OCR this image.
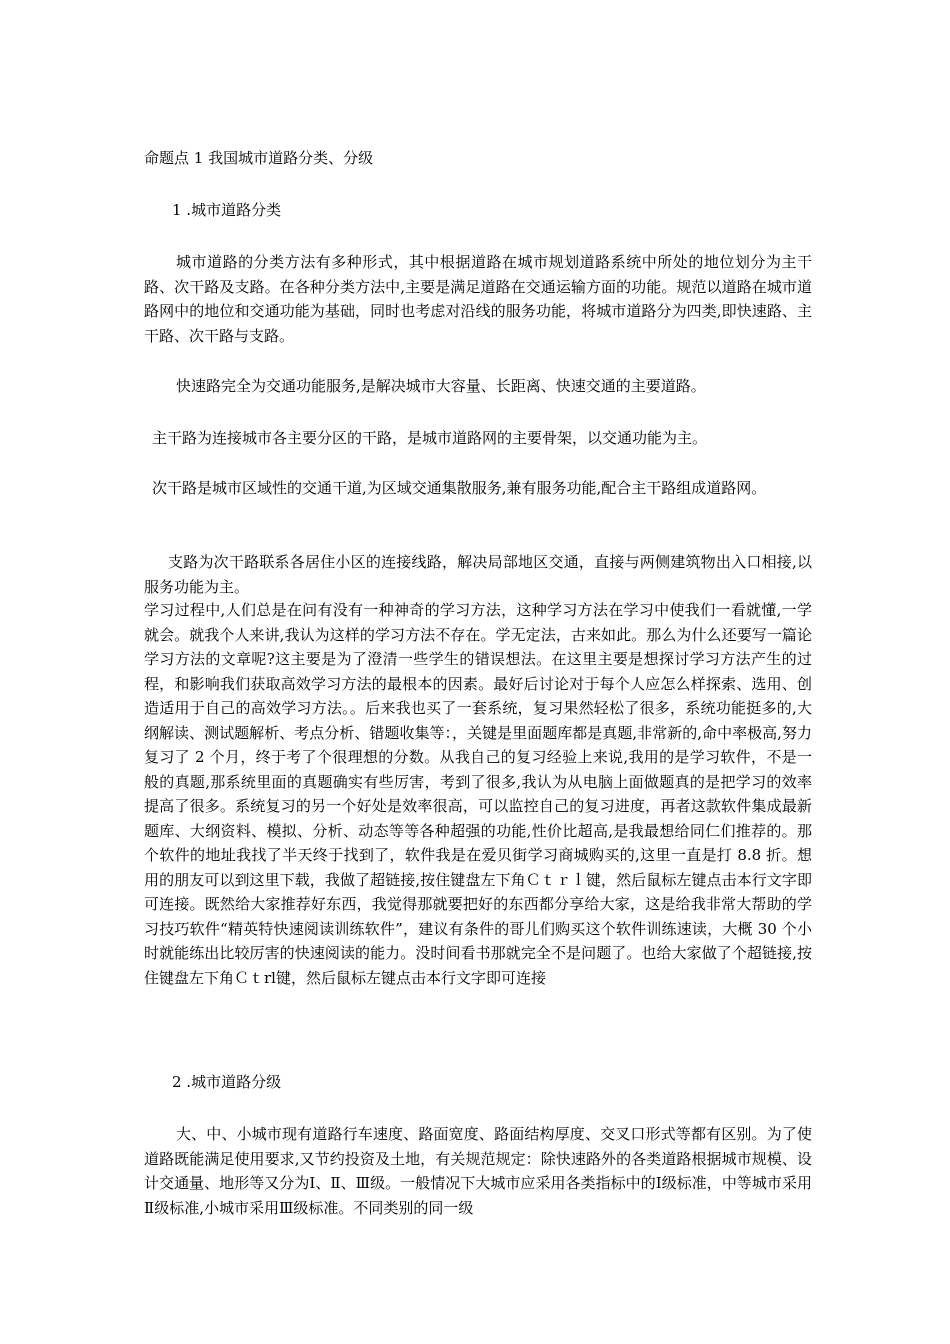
命题点 1 我国城市道路分类、分级

1 .城市道路分类

城市道路的分类方法有多种形式，其中根据道路在城市规划道路系统中所处的地位划分为主干路、次干路及支路。在各种分类方法中,主要是满足道路在交通运输方面的功能。规范以道路在城市道路网中的地位和交通功能为基础，同时也考虑对沿线的服务功能，将城市道路分为四类,即快速路、主干路、次干路与支路。

快速路完全为交通功能服务,是解决城市大容量、长距离、快速交通的主要道路。

主干路为连接城市各主要分区的干路，是城市道路网的主要骨架，以交通功能为主。

次干路是城市区域性的交通干道,为区域交通集散服务,兼有服务功能,配合主干路组成道路网。

支路为次干路联系各居住小区的连接线路，解决局部地区交通，直接与两侧建筑物出入口相接,以服务功能为主。

学习过程中,人们总是在问有没有一种神奇的学习方法，这种学习方法在学习中使我们一看就懂,一学就会。就我个人来讲,我认为这样的学习方法不存在。学无定法，古来如此。那么为什么还要写一篇论学习方法的文章呢?这主要是为了澄清一些学生的错误想法。在这里主要是想探讨学习方法产生的过程，和影响我们获取高效学习方法的最根本的因素。最好后讨论对于每个人应怎么样探索、选用、创造适用于自己的高效学习方法。。后来我也买了一套系统，复习果然轻松了很多，系统功能挺多的,大纲解读、测试题解析、考点分析、错题收集等：，关键是里面题库都是真题,非常新的,命中率极高,努力复习了 2 个月，终于考了个很理想的分数。从我自己的复习经验上来说,我用的是学习软件，不是一般的真题,那系统里面的真题确实有些厉害，考到了很多,我认为从电脑上面做题真的是把学习的效率提高了很多。系统复习的另一个好处是效率很高，可以监控自己的复习进度，再者这款软件集成最新题库、大纲资料、模拟、分析、动态等等各种超强的功能,性价比超高,是我最想给同仁们推荐的。那个软件的地址我找了半天终于找到了，软件我是在爱贝街学习商城购买的,这里一直是打 8.8 折。想用的朋友可以到这里下载，我做了超链接,按住键盘左下角Ｃｔｒｌ键，然后鼠标左键点击本行文字即可连接。既然给大家推荐好东西，我觉得那就要把好的东西都分享给大家，这是给我非常大帮助的学习技巧软件“精英特快速阅读训练软件”，建议有条件的哥儿们购买这个软件训练速读，大概 30 个小时就能练出比较厉害的快速阅读的能力。没时间看书那就完全不是问题了。也给大家做了个超链接,按住键盘左下角Ｃｔrl键，然后鼠标左键点击本行文字即可连接

2 .城市道路分级

大、中、小城市现有道路行车速度、路面宽度、路面结构厚度、交叉口形式等都有区别。为了使道路既能满足使用要求,又节约投资及土地，有关规范规定：除快速路外的各类道路根据城市规模、设计交通量、地形等又分为Ⅰ、Ⅱ、Ⅲ级。一般情况下大城市应采用各类指标中的Ⅰ级标准，中等城市采用Ⅱ级标准,小城市采用Ⅲ级标准。不同类别的同一级
